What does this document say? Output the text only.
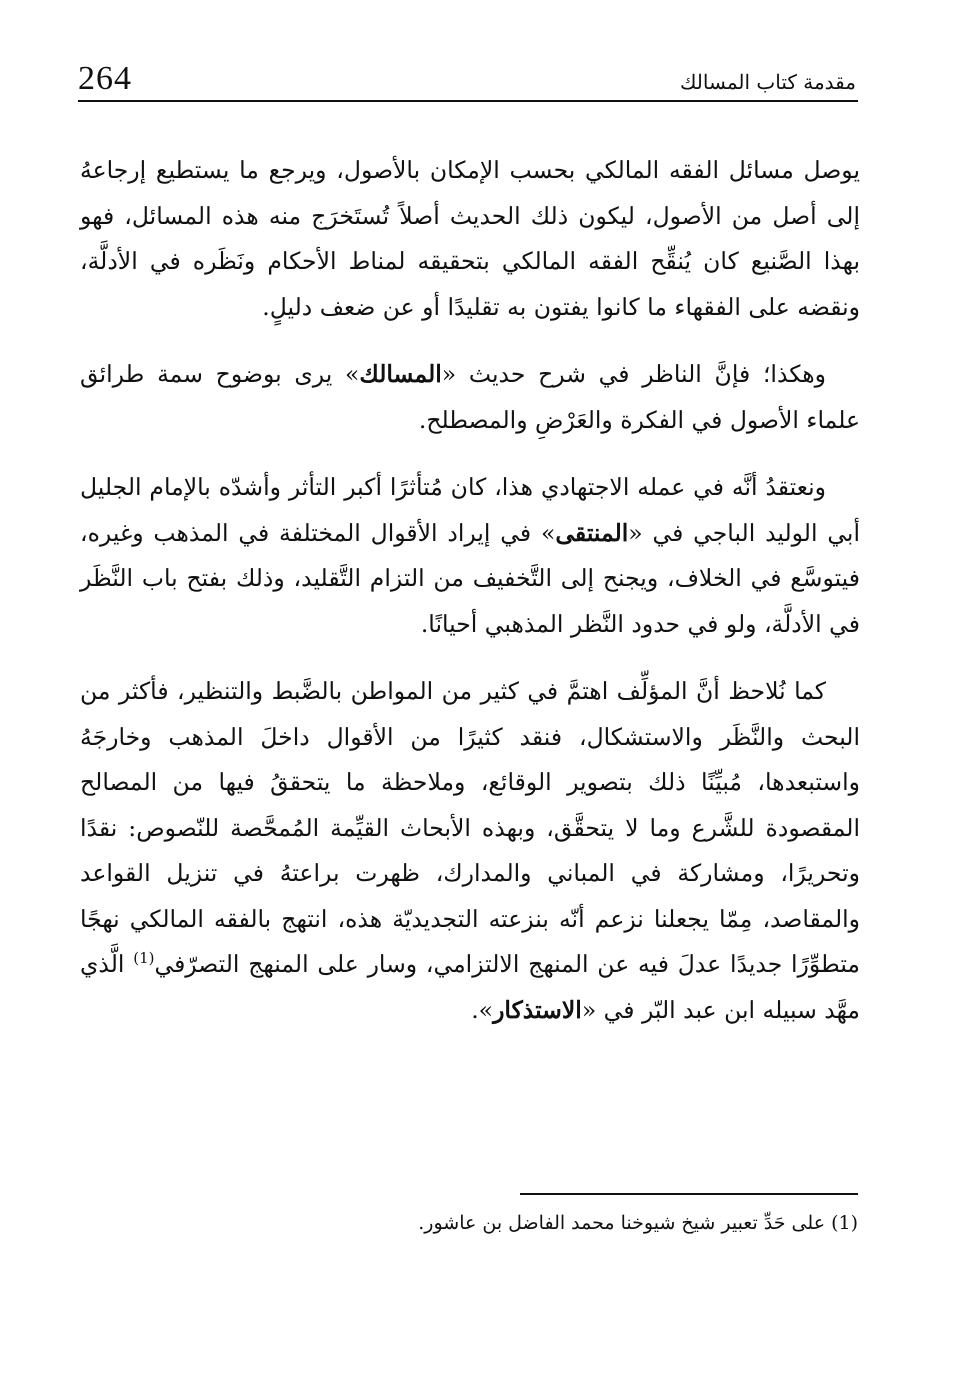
264	مقدمة كتاب المسالك

يوصل مسائل الفقه المالكي بحسب الإمكان بالأصول، ويرجع ما يستطيع إرجاعهُ إلى أصل من الأصول، ليكون ذلك الحديث أصلاً تُستَخرَج منه هذه المسائل، فهو بهذا الصَّنيع كان يُنقِّح الفقه المالكي بتحقيقه لمناط الأحكام ونَظَره في الأدلَّة، ونقضه على الفقهاء ما كانوا يفتون به تقليدًا أو عن ضعف دليلٍ.

وهكذا؛ فإنَّ الناظر في شرح حديث «المسالك» يرى بوضوح سمة طرائق علماء الأصول في الفكرة والعَرْضِ والمصطلح.

ونعتقدُ أنَّه في عمله الاجتهادي هذا، كان مُتأثرًا أكبر التأثر وأشدّه بالإمام الجليل أبي الوليد الباجي في «المنتقى» في إيراد الأقوال المختلفة في المذهب وغيره، فيتوسَّع في الخلاف، ويجنح إلى التَّخفيف من التزام التَّقليد، وذلك بفتح باب النَّظَر في الأدلَّة، ولو في حدود النَّظر المذهبي أحيانًا.

كما نُلاحظ أنَّ المؤلِّف اهتمَّ في كثير من المواطن بالضَّبط والتنظير، فأكثر من البحث والنَّظَر والاستشكال، فنقد كثيرًا من الأقوال داخلَ المذهب وخارجَهُ واستبعدها، مُبيِّنًا ذلك بتصوير الوقائع، وملاحظة ما يتحققُ فيها من المصالح المقصودة للشَّرع وما لا يتحقَّق، وبهذه الأبحاث القيِّمة المُمحَّصة للنّصوص: نقدًا وتحريرًا، ومشاركة في المباني والمدارك، ظهرت براعتهُ في تنزيل القواعد والمقاصد، مِمّا يجعلنا نزعم أنّه بنزعته التجديديّة هذه، انتهج بالفقه المالكي نهجًا متطوِّرًا جديدًا عدلَ فيه عن المنهج الالتزامي، وسار على المنهج التصرّفي$^{(1)}$ الَّذي مهَّد سبيله ابن عبد البّر في «الاستذكار».

(1) على حَدِّ تعبير شيخ شيوخنا محمد الفاضل بن عاشور.
